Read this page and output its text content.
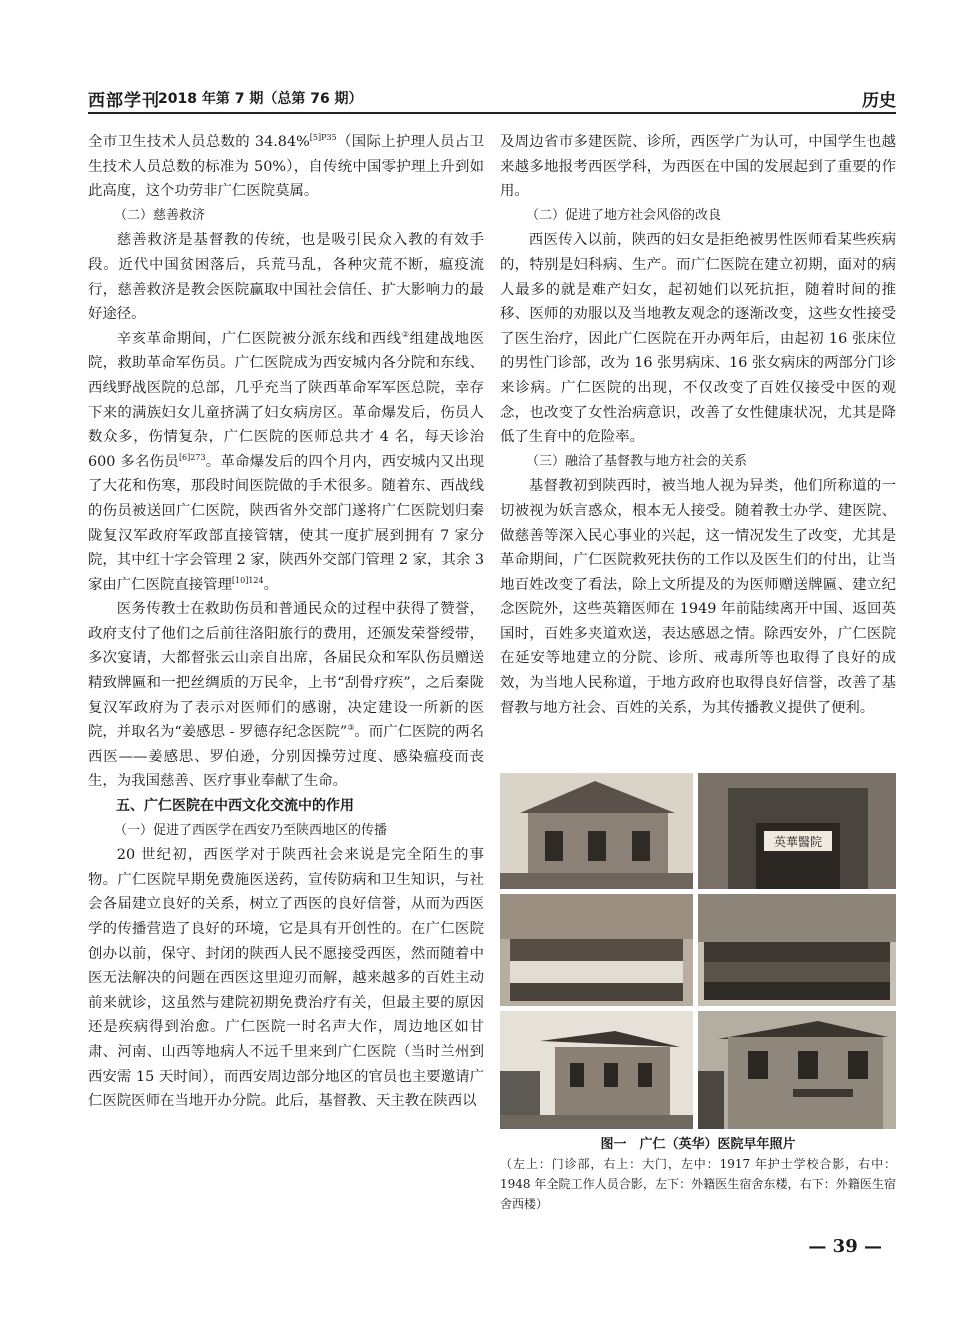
西部学刊
2018 年第 7 期（总第 76 期）	历史

全市卫生技术人员总数的 34.84%$^{[5]P35}$（国际上护理人员占卫生技术人员总数的标准为 50%），自传统中国零护理上升到如此高度，这个功劳非广仁医院莫属。

（二）慈善救济

慈善救济是基督教的传统，也是吸引民众入教的有效手段。近代中国贫困落后，兵荒马乱，各种灾荒不断，瘟疫流行，慈善救济是教会医院赢取中国社会信任、扩大影响力的最好途径。

辛亥革命期间，广仁医院被分派东线和西线②组建战地医院，救助革命军伤员。广仁医院成为西安城内各分院和东线、西线野战医院的总部，几乎充当了陕西革命军军医总院，幸存下来的满族妇女儿童挤满了妇女病房区。革命爆发后，伤员人数众多，伤情复杂，广仁医院的医师总共才 4 名，每天诊治 600 多名伤员$^{[6]273}$。革命爆发后的四个月内，西安城内又出现了大花和伤寒，那段时间医院做的手术很多。随着东、西战线的伤员被送回广仁医院，陕西省外交部门遂将广仁医院划归秦陇复汉军政府军政部直接管辖，使其一度扩展到拥有 7 家分院，其中红十字会管理 2 家，陕西外交部门管理 2 家，其余 3 家由广仁医院直接管理$^{[10]124}$。

医务传教士在救助伤员和普通民众的过程中获得了赞誉，政府支付了他们之后前往洛阳旅行的费用，还颁发荣誉绶带，多次宴请，大都督张云山亲自出席，各届民众和军队伤员赠送精致牌匾和一把丝绸质的万民伞，上书“刮骨疗疾”，之后秦陇复汉军政府为了表示对医师们的感谢，决定建设一所新的医院，并取名为“姜感思 - 罗德存纪念医院”③。而广仁医院的两名西医——姜感思、罗伯逊，分别因操劳过度、感染瘟疫而丧生，为我国慈善、医疗事业奉献了生命。

五、广仁医院在中西文化交流中的作用

（一）促进了西医学在西安乃至陕西地区的传播

20 世纪初，西医学对于陕西社会来说是完全陌生的事物。广仁医院早期免费施医送药，宣传防病和卫生知识，与社会各届建立良好的关系，树立了西医的良好信誉，从而为西医学的传播营造了良好的环境，它是具有开创性的。在广仁医院创办以前，保守、封闭的陕西人民不愿接受西医，然而随着中医无法解决的问题在西医这里迎刃而解，越来越多的百姓主动前来就诊，这虽然与建院初期免费治疗有关，但最主要的原因还是疾病得到治愈。广仁医院一时名声大作，周边地区如甘肃、河南、山西等地病人不远千里来到广仁医院（当时兰州到西安需 15 天时间），而西安周边部分地区的官员也主要邀请广仁医院医师在当地开办分院。此后，基督教、天主教在陕西以

及周边省市多建医院、诊所，西医学广为认可，中国学生也越来越多地报考西医学科，为西医在中国的发展起到了重要的作用。

（二）促进了地方社会风俗的改良

西医传入以前，陕西的妇女是拒绝被男性医师看某些疾病的，特别是妇科病、生产。而广仁医院在建立初期，面对的病人最多的就是难产妇女，起初她们以死抗拒，随着时间的推移、医师的劝服以及当地教友观念的逐渐改变，这些女性接受了医生治疗，因此广仁医院在开办两年后，由起初 16 张床位的男性门诊部，改为 16 张男病床、16 张女病床的两部分门诊来诊病。广仁医院的出现，不仅改变了百姓仅接受中医的观念，也改变了女性治病意识，改善了女性健康状况，尤其是降低了生育中的危险率。

（三）融洽了基督教与地方社会的关系

基督教初到陕西时，被当地人视为异类，他们所称道的一切被视为妖言惑众，根本无人接受。随着教士办学、建医院、做慈善等深入民心事业的兴起，这一情况发生了改变，尤其是革命期间，广仁医院救死扶伤的工作以及医生们的付出，让当地百姓改变了看法，除上文所提及的为医师赠送牌匾、建立纪念医院外，这些英籍医师在 1949 年前陆续离开中国、返回英国时，百姓多夹道欢送，表达感恩之情。除西安外，广仁医院在延安等地建立的分院、诊所、戒毒所等也取得了良好的成效，为当地人民称道，于地方政府也取得良好信誉，改善了基督教与地方社会、百姓的关系，为其传播教义提供了便利。

英華醫院
图一　广仁（英华）医院早年照片
（左上：门诊部，右上：大门，左中：1917 年护士学校合影，右中：1948 年全院工作人员合影，左下：外籍医生宿舍东楼，右下：外籍医生宿舍西楼）
— 39 —
